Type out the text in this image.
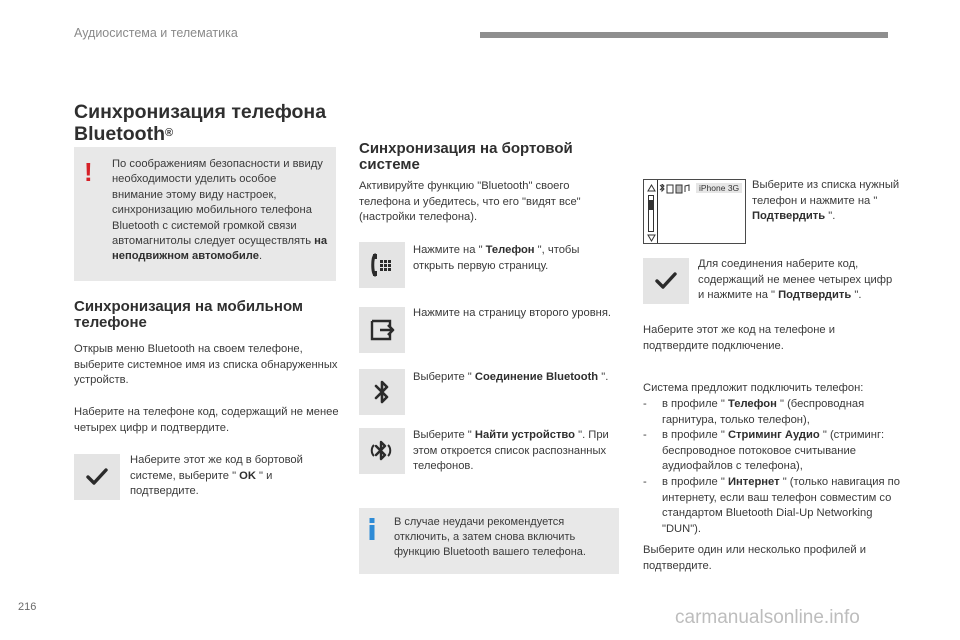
Аудиосистема и телематика
Синхронизация телефона
Bluetooth®
! По соображениям безопасности и ввиду необходимости уделить особое внимание этому виду настроек, синхронизацию мобильного телефона Bluetooth с системой громкой связи автомагнитолы следует осуществлять на неподвижном автомобиле.
Синхронизация на мобильном телефоне
Открыв меню Bluetooth на своем телефоне, выберите системное имя из списка обнаруженных устройств.
Наберите на телефоне код, содержащий не менее четырех цифр и подтвердите.
Наберите этот же код в бортовой системе, выберите " OK " и подтвердите.
Синхронизация на бортовой системе
Активируйте функцию "Bluetooth" своего телефона и убедитесь, что его "видят все" (настройки телефона).
Нажмите на " Телефон ", чтобы открыть первую страницу.
Нажмите на страницу второго уровня.
Выберите " Соединение Bluetooth ".
Выберите " Найти устройство ". При этом откроется список распознанных телефонов.
В случае неудачи рекомендуется отключить, а затем снова включить функцию Bluetooth вашего телефона.
iPhone 3G Выберите из списка нужный телефон и нажмите на " Подтвердить ".
Для соединения наберите код, содержащий не менее четырех цифр и нажмите на " Подтвердить ".
Наберите этот же код на телефоне и подтвердите подключение.
Система предложит подключить телефон:
-	в профиле " Телефон " (беспроводная гарнитура, только телефон),
-	в профиле " Стриминг Аудио " (стриминг: беспроводное потоковое считывание аудиофайлов с телефона),
-	в профиле " Интернет " (только навигация по интернету, если ваш телефон совместим со стандартом Bluetooth Dial-Up Networking "DUN").
Выберите один или несколько профилей и подтвердите.
216	carmanualsonline.info
